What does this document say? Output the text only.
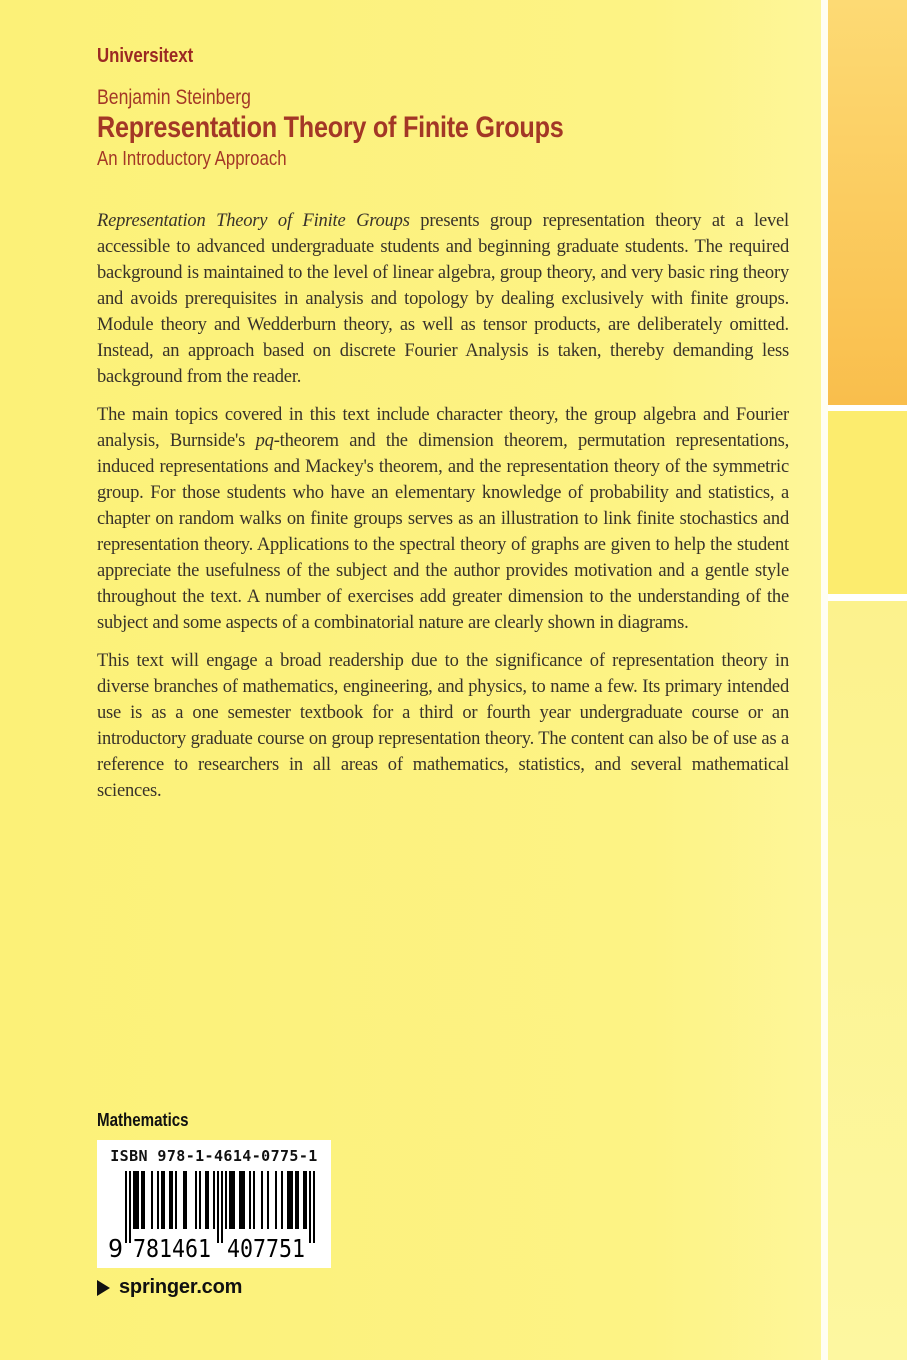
Universitext
Benjamin Steinberg
Representation Theory of Finite Groups
An Introductory Approach

Representation Theory of Finite Groups presents group representation theory at a level accessible to advanced undergraduate students and beginning graduate students. The required background is maintained to the level of linear algebra, group theory, and very basic ring theory and avoids prerequisites in analysis and topology by dealing exclusively with finite groups. Module theory and Wedderburn theory, as well as tensor products, are deliberately omitted. Instead, an approach based on discrete Fourier Analysis is taken, thereby demanding less background from the reader.

The main topics covered in this text include character theory, the group algebra and Fourier analysis, Burnside's pq-theorem and the dimension theorem, permutation representations, induced representations and Mackey's theorem, and the representation theory of the symmetric group. For those students who have an elementary knowledge of probability and statistics, a chapter on random walks on finite groups serves as an illustration to link finite stochastics and representation theory. Applications to the spectral theory of graphs are given to help the student appreciate the usefulness of the subject and the author provides motivation and a gentle style throughout the text. A number of exercises add greater dimension to the understanding of the subject and some aspects of a combinatorial nature are clearly shown in diagrams.

This text will engage a broad readership due to the significance of representation theory in diverse branches of mathematics, engineering, and physics, to name a few. Its primary intended use is as a one semester textbook for a third or fourth year undergraduate course or an introductory graduate course on group representation theory. The content can also be of use as a reference to researchers in all areas of mathematics, statistics, and several mathematical sciences.

Mathematics
ISBN 978-1-4614-0775-1
9 781461 407751
springer.com
